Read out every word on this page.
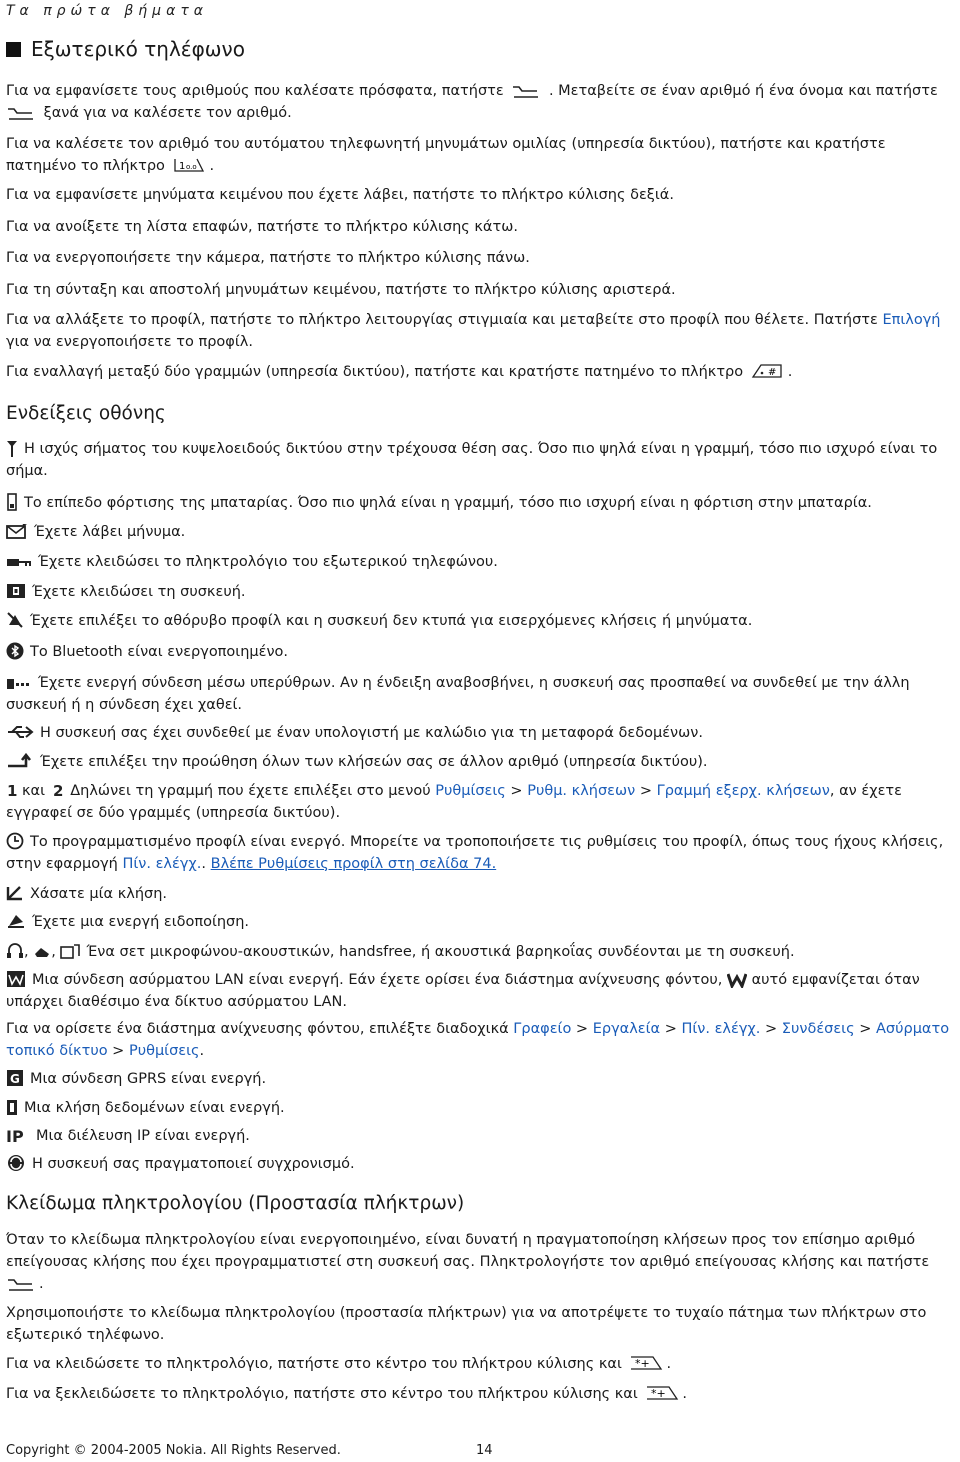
Τα πρώτα βήματα
Εξωτερικό τηλέφωνο
Για να εμφανίσετε τους αριθμούς που καλέσατε πρόσφατα, πατήστε	. Μεταβείτε σε έναν αριθμό ή ένα όνομα και πατήστε
ξανά για να καλέσετε τον αριθμό.
Για να καλέσετε τον αριθμό του αυτόματου τηλεφωνητή μηνυμάτων ομιλίας (υπηρεσία δικτύου), πατήστε και κρατήστε πατημένο το πλήκτρο 1 o.o .
Για να εμφανίσετε μηνύματα κειμένου που έχετε λάβει, πατήστε το πλήκτρο κύλισης δεξιά.
Για να ανοίξετε τη λίστα επαφών, πατήστε το πλήκτρο κύλισης κάτω.
Για να ενεργοποιήσετε την κάμερα, πατήστε το πλήκτρο κύλισης πάνω.
Για τη σύνταξη και αποστολή μηνυμάτων κειμένου, πατήστε το πλήκτρο κύλισης αριστερά.
Για να αλλάξετε το προφίλ, πατήστε το πλήκτρο λειτουργίας στιγμιαία και μεταβείτε στο προφίλ που θέλετε. Πατήστε Επιλογή για να ενεργοποιήσετε το προφίλ.
Για εναλλαγή μεταξύ δύο γραμμών (υπηρεσία δικτύου), πατήστε και κρατήστε πατημένο το πλήκτρο # .
Ενδείξεις οθόνης
Η ισχύς σήματος του κυψελοειδούς δικτύου στην τρέχουσα θέση σας. Όσο πιο ψηλά είναι η γραμμή, τόσο πιο ισχυρό είναι το σήμα.
Το επίπεδο φόρτισης της μπαταρίας. Όσο πιο ψηλά είναι η γραμμή, τόσο πιο ισχυρή είναι η φόρτιση στην μπαταρία.
Έχετε λάβει μήνυμα.
Έχετε κλειδώσει το πληκτρολόγιο του εξωτερικού τηλεφώνου.
Έχετε κλειδώσει τη συσκευή.
Έχετε επιλέξει το αθόρυβο προφίλ και η συσκευή δεν κτυπά για εισερχόμενες κλήσεις ή μηνύματα.
Το Bluetooth είναι ενεργοποιημένο.
Έχετε ενεργή σύνδεση μέσω υπερύθρων. Αν η ένδειξη αναβοσβήνει, η συσκευή σας προσπαθεί να συνδεθεί με την άλλη συσκευή ή η σύνδεση έχει χαθεί.
Η συσκευή σας έχει συνδεθεί με έναν υπολογιστή με καλώδιο για τη μεταφορά δεδομένων.
Έχετε επιλέξει την προώθηση όλων των κλήσεών σας σε άλλον αριθμό (υπηρεσία δικτύου).
1 και 2 Δηλώνει τη γραμμή που έχετε επιλέξει στο μενού Ρυθμίσεις > Ρυθμ. κλήσεων > Γραμμή εξερχ. κλήσεων, αν έχετε εγγραφεί σε δύο γραμμές (υπηρεσία δικτύου).
Το προγραμματισμένο προφίλ είναι ενεργό. Μπορείτε να τροποποιήσετε τις ρυθμίσεις του προφίλ, όπως τους ήχους κλήσεις, στην εφαρμογή Πίν. ελέγχ.. Βλέπε Ρυθμίσεις προφίλ στη σελίδα 74.
Χάσατε μία κλήση.
Έχετε μια ενεργή ειδοποίηση.
, , Ένα σετ μικροφώνου-ακουστικών, handsfree, ή ακουστικά βαρηκοΐας συνδέονται με τη συσκευή.
Μια σύνδεση ασύρματου LAN είναι ενεργή. Εάν έχετε ορίσει ένα διάστημα ανίχνευσης φόντου,  αυτό εμφανίζεται όταν υπάρχει διαθέσιμο ένα δίκτυο ασύρματου LAN.
Για να ορίσετε ένα διάστημα ανίχνευσης φόντου, επιλέξτε διαδοχικά Γραφείο > Εργαλεία > Πίν. ελέγχ. > Συνδέσεις > Ασύρματο τοπικό δίκτυο > Ρυθμίσεις.
G Μια σύνδεση GPRS είναι ενεργή.
Μια κλήση δεδομένων είναι ενεργή.
IP Μια διέλευση IP είναι ενεργή.
Η συσκευή σας πραγματοποιεί συγχρονισμό.
Κλείδωμα πληκτρολογίου (Προστασία πλήκτρων)
Όταν το κλείδωμα πληκτρολογίου είναι ενεργοποιημένο, είναι δυνατή η πραγματοποίηση κλήσεων προς τον επίσημο αριθμό επείγουσας κλήσης που έχει προγραμματιστεί στη συσκευή σας. Πληκτρολογήστε τον αριθμό επείγουσας κλήσης και πατήστε
.
Χρησιμοποιήστε το κλείδωμα πληκτρολογίου (προστασία πλήκτρων) για να αποτρέψετε το τυχαίο πάτημα των πλήκτρων στο εξωτερικό τηλέφωνο.
Για να κλειδώσετε το πληκτρολόγιο, πατήστε στο κέντρο του πλήκτρου κύλισης και *+ .
Για να ξεκλειδώσετε το πληκτρολόγιο, πατήστε στο κέντρο του πλήκτρου κύλισης και *+ .
Copyright © 2004-2005 Nokia. All Rights Reserved.	14
